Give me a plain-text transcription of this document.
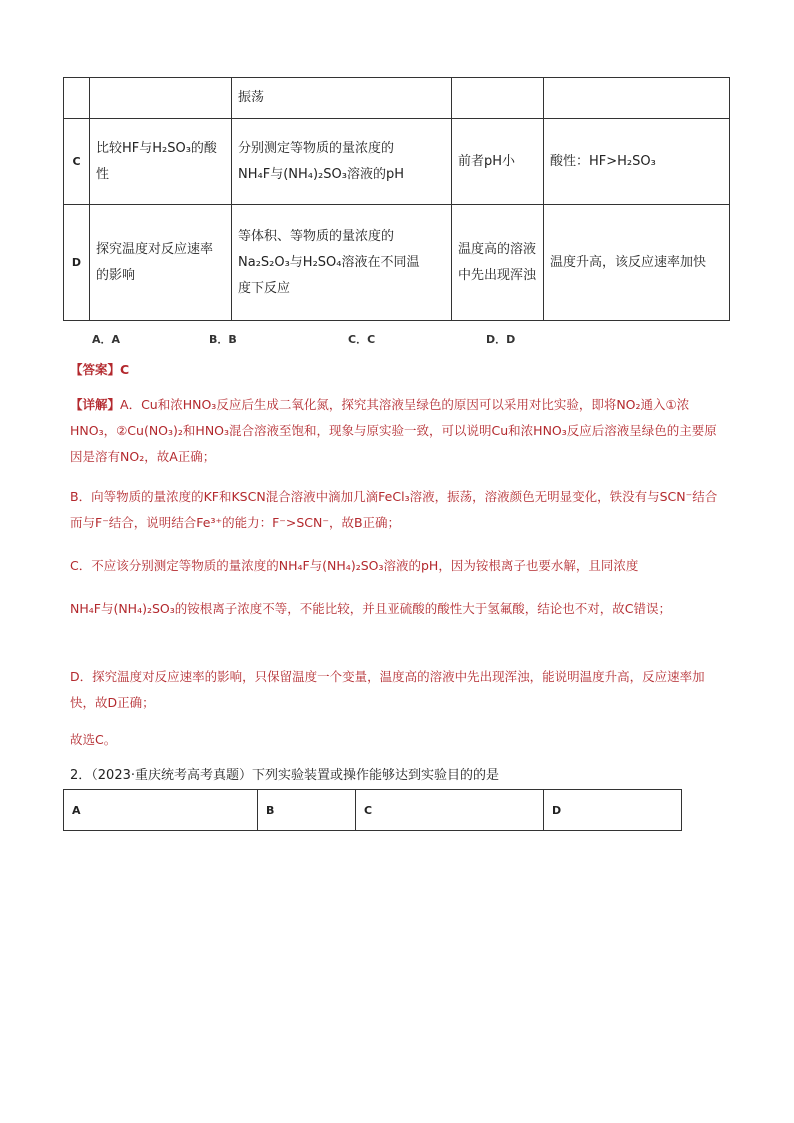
		振荡		
C	比较HF与H₂SO₃的酸性	分别测定等物质的量浓度的
NH₄F与(NH₄)₂SO₃溶液的pH	前者pH小	酸性：HF>H₂SO₃
D	探究温度对反应速率的影响	等体积、等物质的量浓度的
Na₂S₂O₃与H₂SO₄溶液在不同温
度下反应	温度高的溶液中先出现浑浊	温度升高，该反应速率加快
A．A	B．B	C．C	D．D
【答案】C
【详解】A．Cu和浓HNO₃反应后生成二氧化氮，探究其溶液呈绿色的原因可以采用对比实验，即将NO₂通入①浓HNO₃，②Cu(NO₃)₂和HNO₃混合溶液至饱和，现象与原实验一致，可以说明Cu和浓HNO₃反应后溶液呈绿色的主要原因是溶有NO₂，故A正确；
B．向等物质的量浓度的KF和KSCN混合溶液中滴加几滴FeCl₃溶液，振荡，溶液颜色无明显变化，铁没有与SCN⁻结合而与F⁻结合，说明结合Fe³⁺的能力：F⁻>SCN⁻，故B正确；
C．不应该分别测定等物质的量浓度的NH₄F与(NH₄)₂SO₃溶液的pH，因为铵根离子也要水解，且同浓度
NH₄F与(NH₄)₂SO₃的铵根离子浓度不等，不能比较，并且亚硫酸的酸性大于氢氟酸，结论也不对，故C错误；
D．探究温度对反应速率的影响，只保留温度一个变量，温度高的溶液中先出现浑浊，能说明温度升高，反应速率加快，故D正确；
故选C。
2．（2023·重庆统考高考真题）下列实验装置或操作能够达到实验目的的是
A	B	C	D
